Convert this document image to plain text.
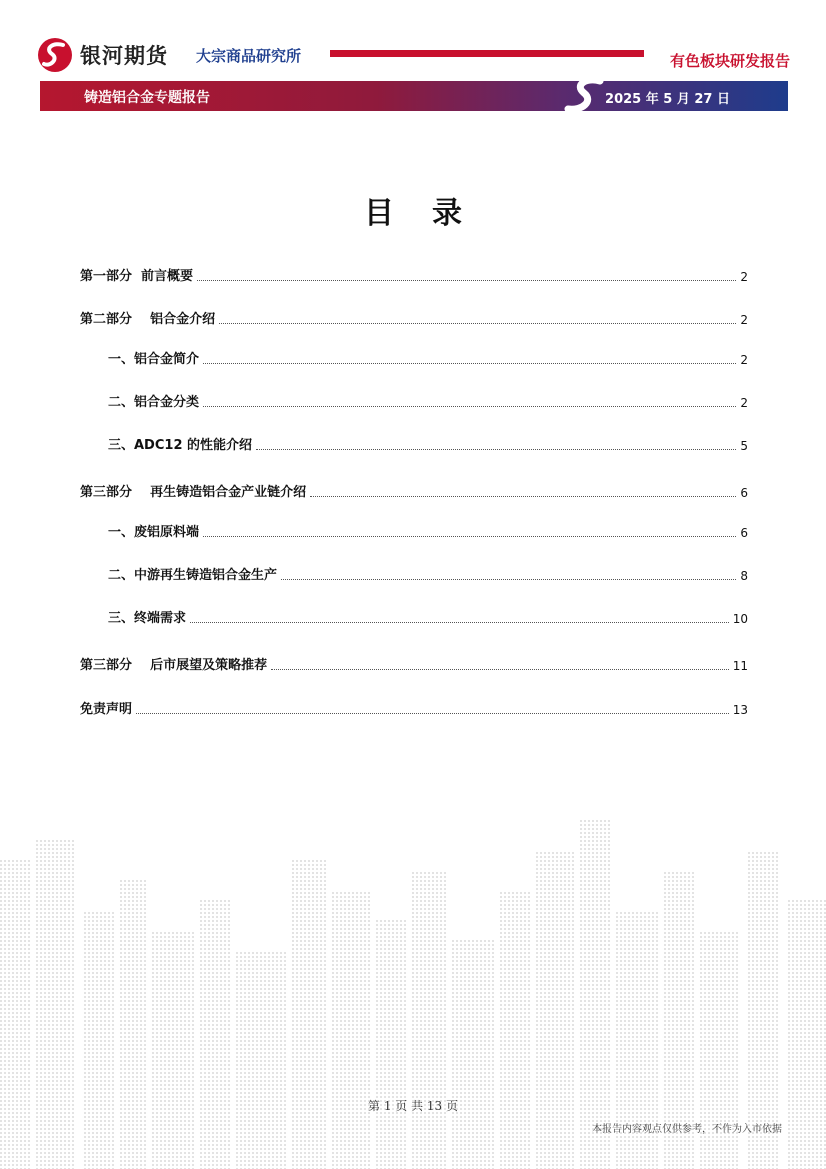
银河期货 大宗商品研究所	有色板块研发报告
铸造铝合金专题报告	2025 年 5 月 27 日
目录
第一部分  前言概要	2
第二部分    铝合金介绍	2
一、铝合金简介	2
二、铝合金分类	2
三、ADC12 的性能介绍	5
第三部分    再生铸造铝合金产业链介绍	6
一、废铝原料端	6
二、中游再生铸造铝合金生产	8
三、终端需求	10
第三部分    后市展望及策略推荐	11
免责声明	13
第 1 页 共 13 页
本报告内容观点仅供参考，不作为入市依据
